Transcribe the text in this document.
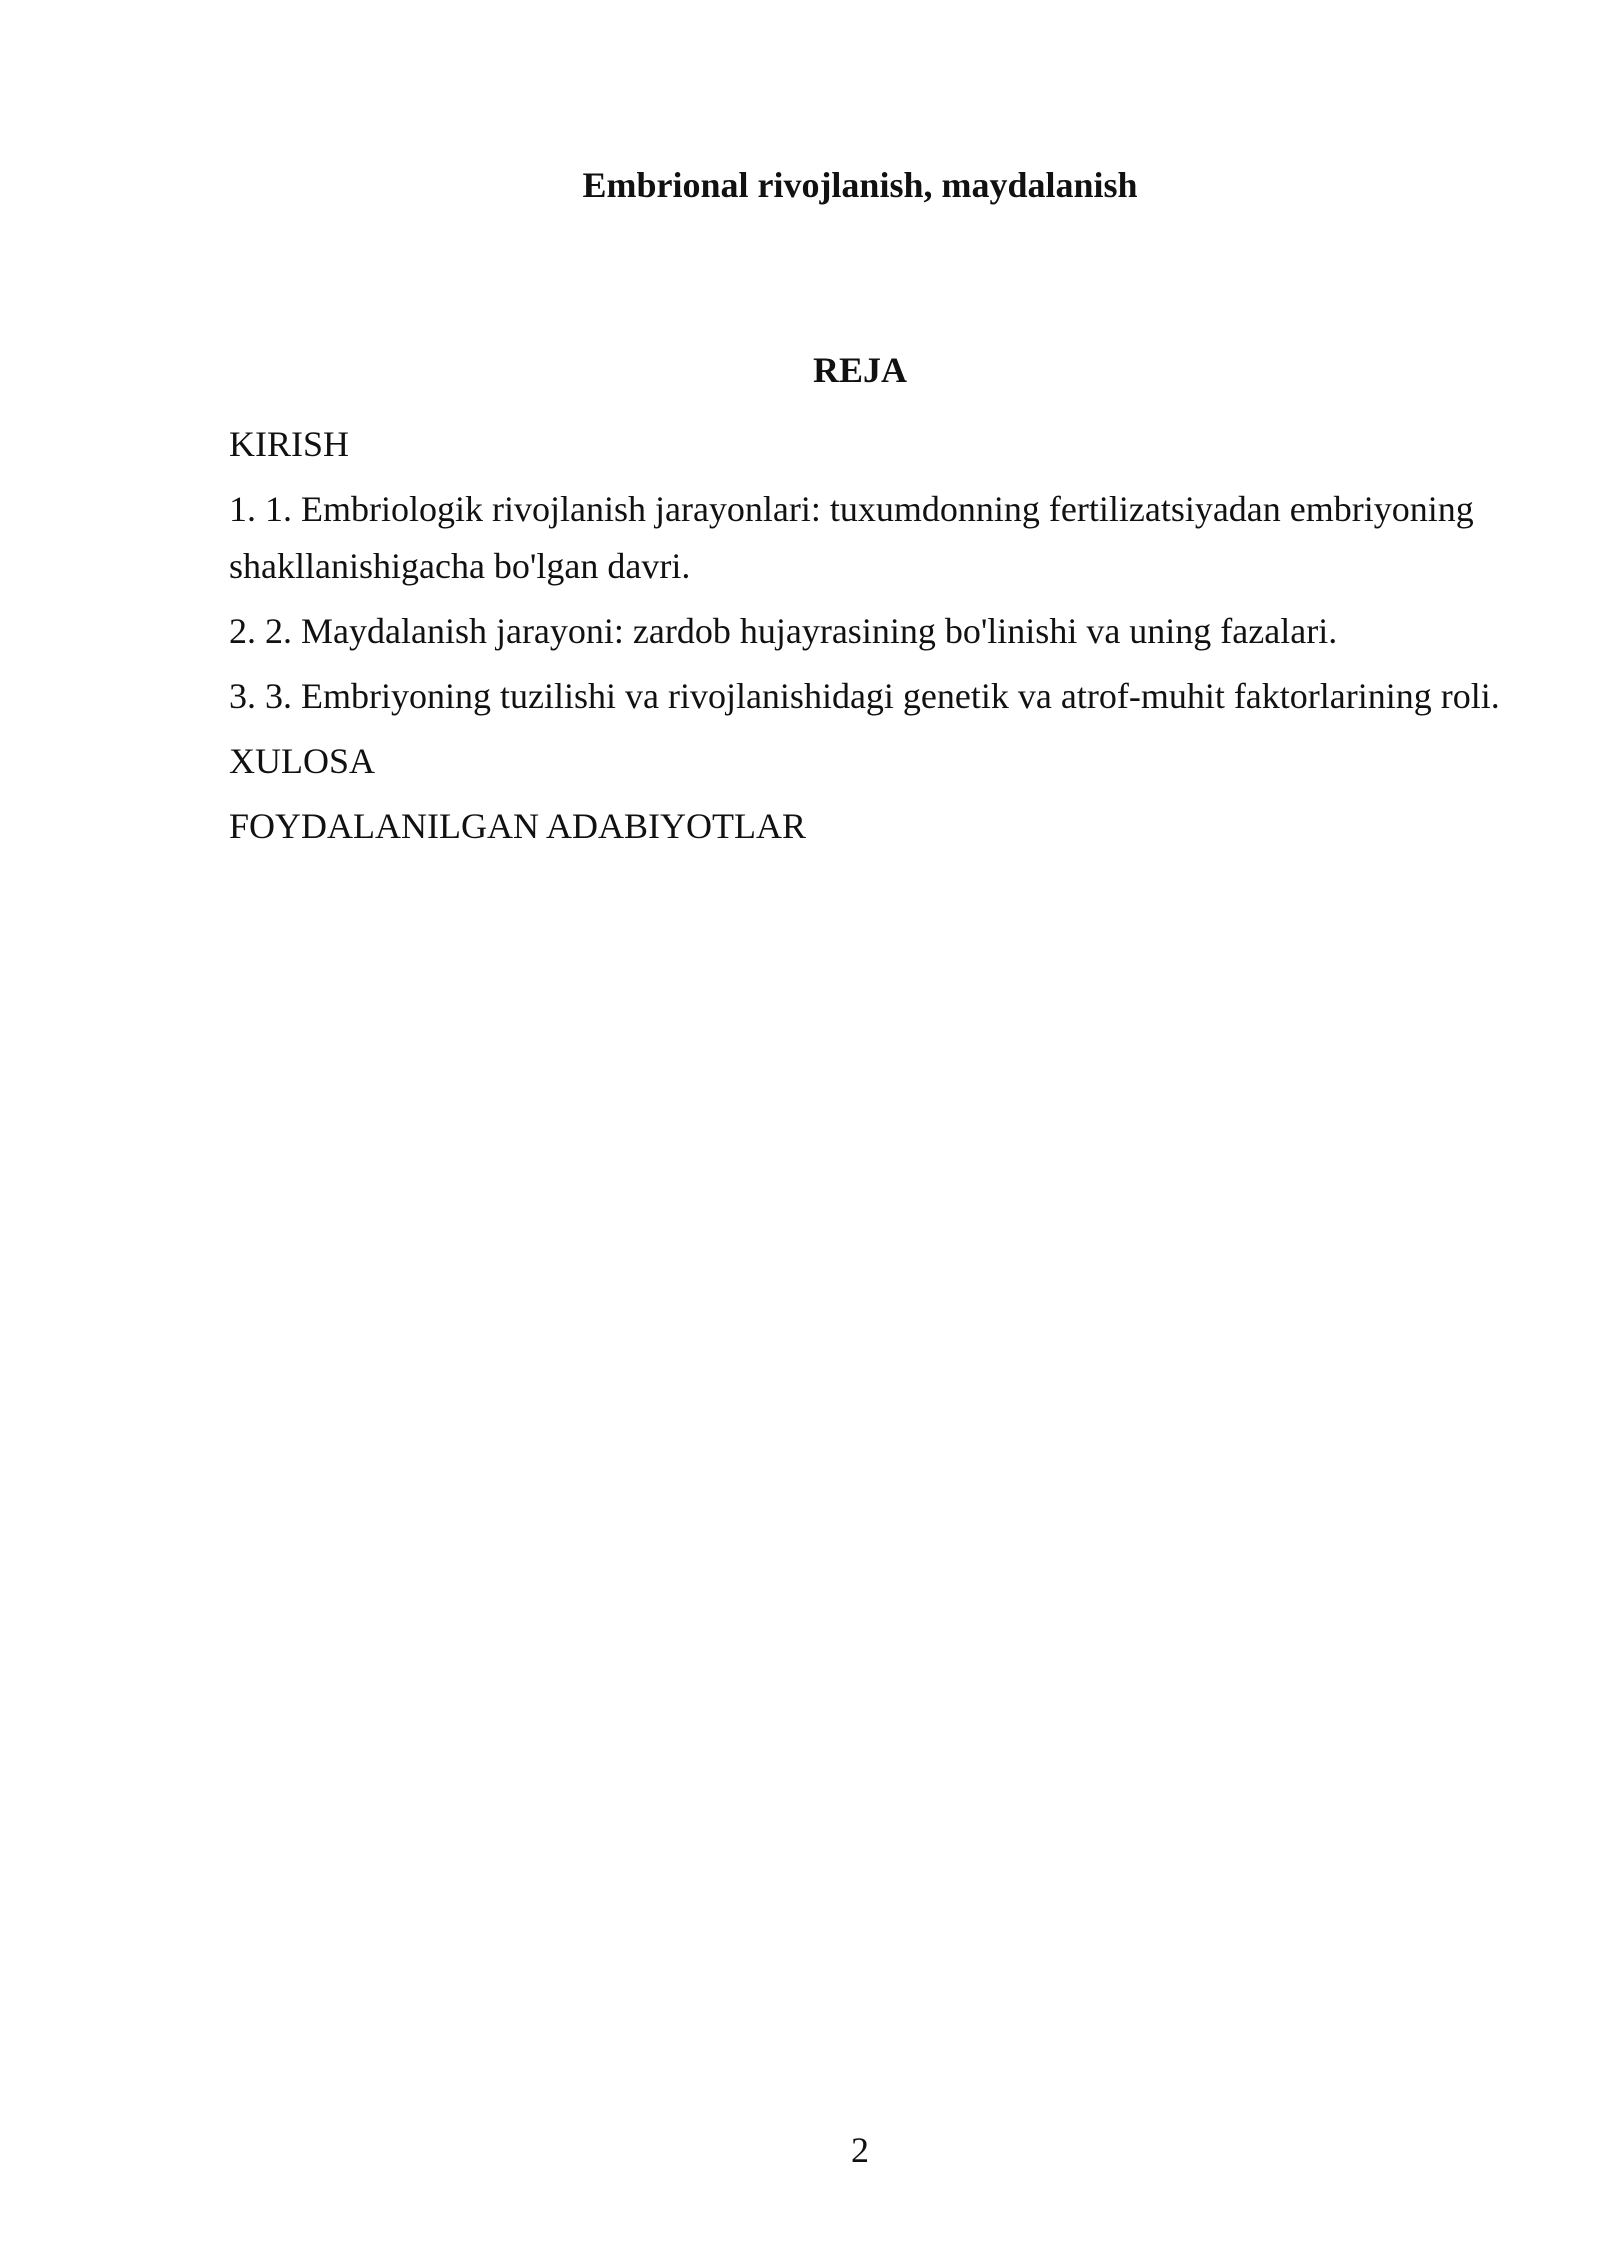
Embrional rivojlanish, maydalanish
REJA
KIRISH
1. 1. Embriologik rivojlanish jarayonlari: tuxumdonning fertilizatsiyadan embriyoning shakllanishigacha bo'lgan davri.
2. 2. Maydalanish jarayoni: zardob hujayrasining bo'linishi va uning fazalari.
3. 3. Embriyoning tuzilishi va rivojlanishidagi genetik va atrof-muhit faktorlarining roli.
XULOSA
FOYDALANILGAN ADABIYOTLAR
2
